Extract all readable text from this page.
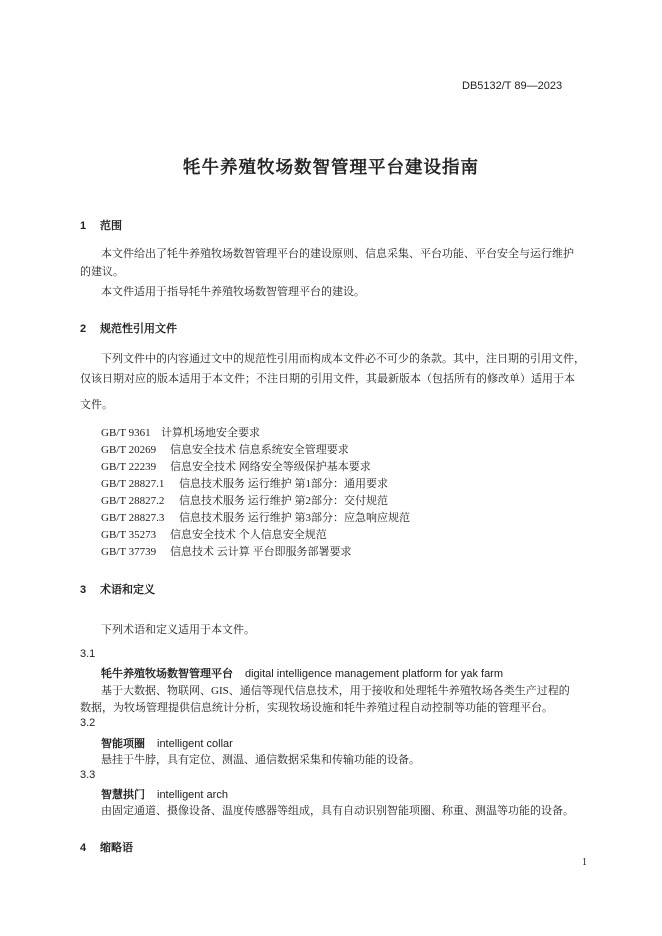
DB5132/T 89—2023
牦牛养殖牧场数智管理平台建设指南
1 范围
本文件给出了牦牛养殖牧场数智管理平台的建设原则、信息采集、平台功能、平台安全与运行维护
的建议。
本文件适用于指导牦牛养殖牧场数智管理平台的建设。
2 规范性引用文件
下列文件中的内容通过文中的规范性引用而构成本文件必不可少的条款。其中，注日期的引用文件，
仅该日期对应的版本适用于本文件；不注日期的引用文件，其最新版本（包括所有的修改单）适用于本
文件。
GB/T 9361 计算机场地安全要求
GB/T 20269 信息安全技术 信息系统安全管理要求
GB/T 22239 信息安全技术 网络安全等级保护基本要求
GB/T 28827.1 信息技术服务 运行维护 第1部分：通用要求
GB/T 28827.2 信息技术服务 运行维护 第2部分：交付规范
GB/T 28827.3 信息技术服务 运行维护 第3部分：应急响应规范
GB/T 35273 信息安全技术 个人信息安全规范
GB/T 37739 信息技术 云计算 平台即服务部署要求
3 术语和定义
下列术语和定义适用于本文件。
3.1
牦牛养殖牧场数智管理平台 digital intelligence management platform for yak farm
基于大数据、物联网、GIS、通信等现代信息技术，用于接收和处理牦牛养殖牧场各类生产过程的
数据，为牧场管理提供信息统计分析，实现牧场设施和牦牛养殖过程自动控制等功能的管理平台。
3.2
智能项圈 intelligent collar
悬挂于牛脖，具有定位、测温、通信数据采集和传输功能的设备。
3.3
智慧拱门 intelligent arch
由固定通道、摄像设备、温度传感器等组成，具有自动识别智能项圈、称重、测温等功能的设备。
4 缩略语
1
